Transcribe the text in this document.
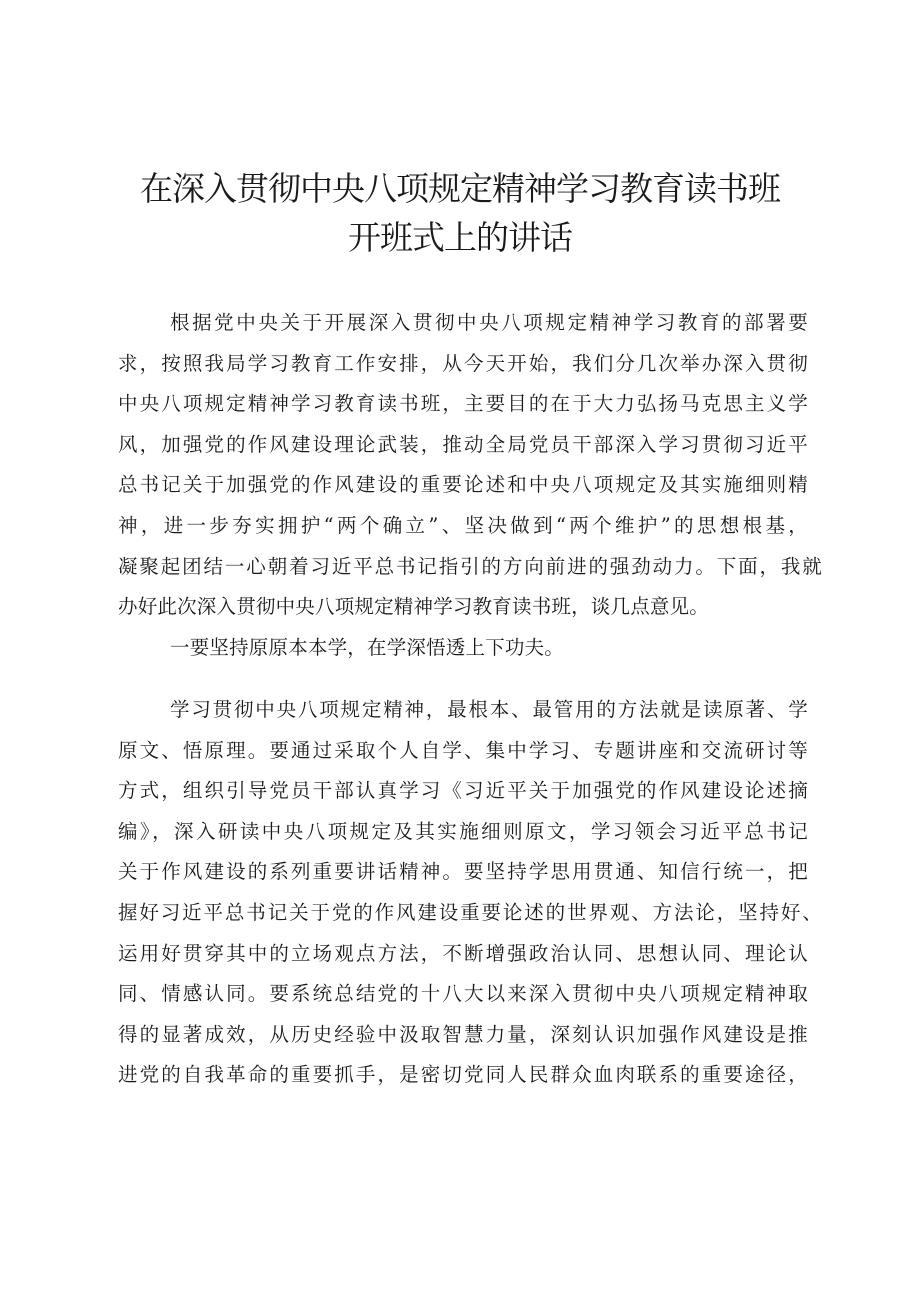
在深入贯彻中央八项规定精神学习教育读书班
开班式上的讲话
根据党中央关于开展深入贯彻中央八项规定精神学习教育的部署要
求，按照我局学习教育工作安排，从今天开始，我们分几次举办深入贯彻
中央八项规定精神学习教育读书班，主要目的在于大力弘扬马克思主义学
风，加强党的作风建设理论武装，推动全局党员干部深入学习贯彻习近平
总书记关于加强党的作风建设的重要论述和中央八项规定及其实施细则精
神，进一步夯实拥护“两个确立”、坚决做到“两个维护”的思想根基，
凝聚起团结一心朝着习近平总书记指引的方向前进的强劲动力。下面，我就
办好此次深入贯彻中央八项规定精神学习教育读书班，谈几点意见。
一要坚持原原本本学，在学深悟透上下功夫。
学习贯彻中央八项规定精神，最根本、最管用的方法就是读原著、学
原文、悟原理。要通过采取个人自学、集中学习、专题讲座和交流研讨等
方式，组织引导党员干部认真学习《习近平关于加强党的作风建设论述摘
编》，深入研读中央八项规定及其实施细则原文，学习领会习近平总书记
关于作风建设的系列重要讲话精神。要坚持学思用贯通、知信行统一，把
握好习近平总书记关于党的作风建设重要论述的世界观、方法论，坚持好、
运用好贯穿其中的立场观点方法，不断增强政治认同、思想认同、理论认
同、情感认同。要系统总结党的十八大以来深入贯彻中央八项规定精神取
得的显著成效，从历史经验中汲取智慧力量，深刻认识加强作风建设是推
进党的自我革命的重要抓手，是密切党同人民群众血肉联系的重要途径，
